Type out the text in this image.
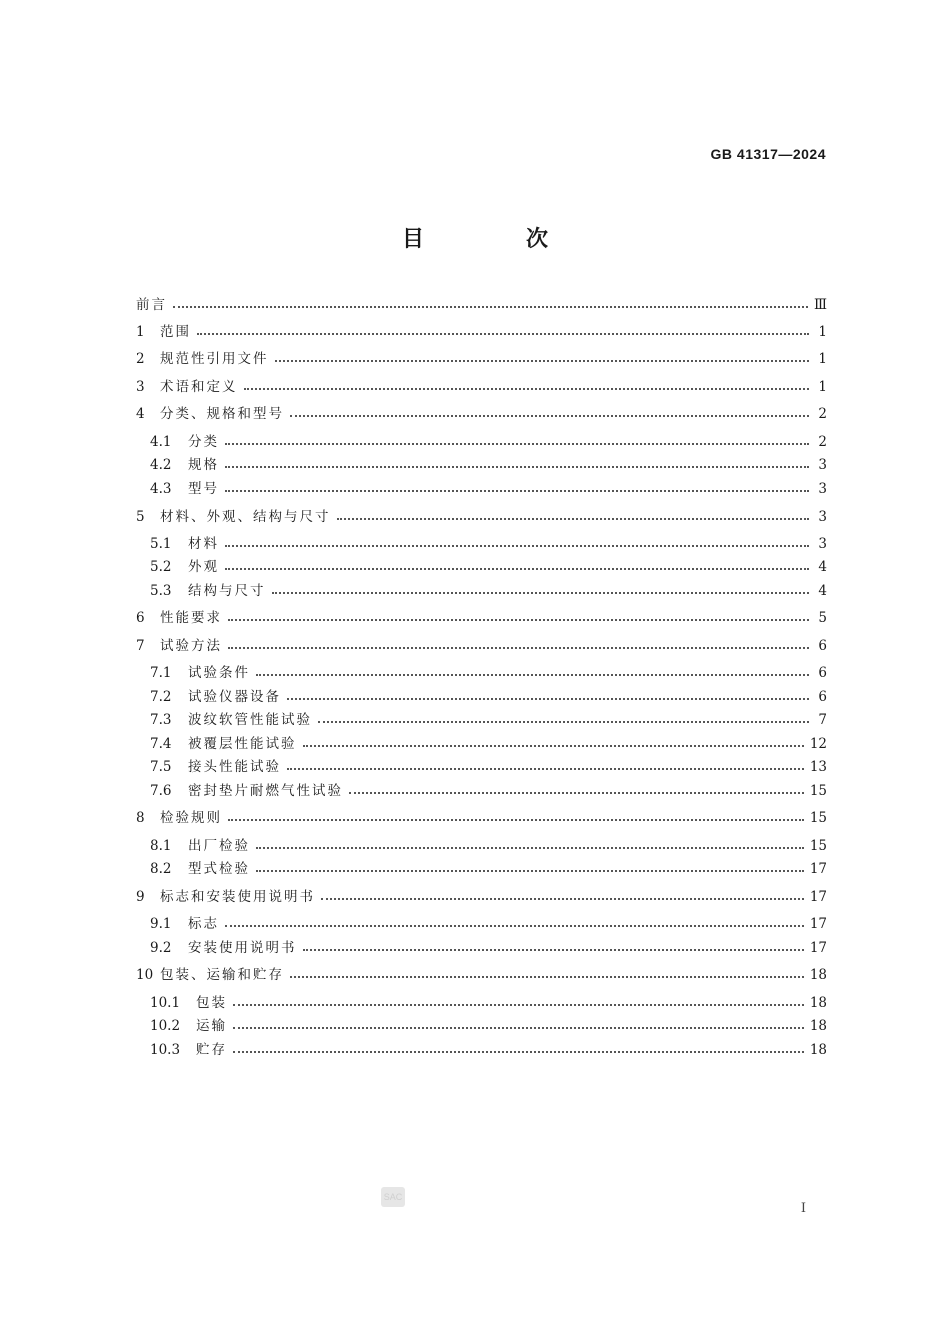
GB 41317—2024
目　次
前言	Ⅲ
1	范围	1
2	规范性引用文件	1
3	术语和定义	1
4	分类、规格和型号	2
4.1	分类	2
4.2	规格	3
4.3	型号	3
5	材料、外观、结构与尺寸	3
5.1	材料	3
5.2	外观	4
5.3	结构与尺寸	4
6	性能要求	5
7	试验方法	6
7.1	试验条件	6
7.2	试验仪器设备	6
7.3	波纹软管性能试验	7
7.4	被覆层性能试验	12
7.5	接头性能试验	13
7.6	密封垫片耐燃气性试验	15
8	检验规则	15
8.1	出厂检验	15
8.2	型式检验	17
9	标志和安装使用说明书	17
9.1	标志	17
9.2	安装使用说明书	17
10 包装、运输和贮存	18
10.1	包装	18
10.2	运输	18
10.3	贮存	18
SAC
I
